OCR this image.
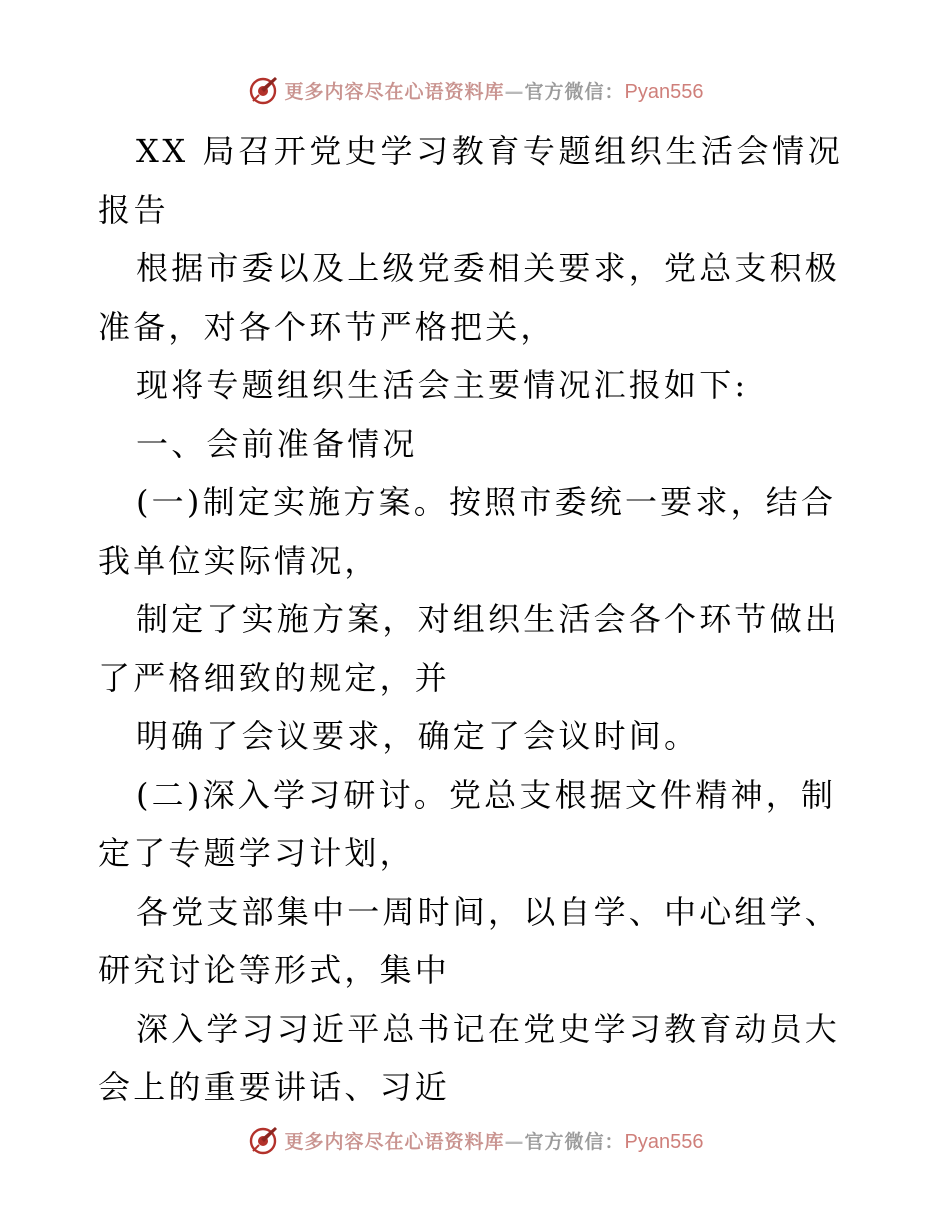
更多内容尽在心语资料库—官方微信：Pyan556

XX 局召开党史学习教育专题组织生活会情况报告

根据市委以及上级党委相关要求，党总支积极准备，对各个环节严格把关，

现将专题组织生活会主要情况汇报如下:

一、会前准备情况

(一)制定实施方案。按照市委统一要求，结合我单位实际情况，

制定了实施方案，对组织生活会各个环节做出了严格细致的规定，并

明确了会议要求，确定了会议时间。

(二)深入学习研讨。党总支根据文件精神，制定了专题学习计划，

各党支部集中一周时间，以自学、中心组学、研究讨论等形式，集中

深入学习习近平总书记在党史学习教育动员大会上的重要讲话、习近

更多内容尽在心语资料库—官方微信：Pyan556
